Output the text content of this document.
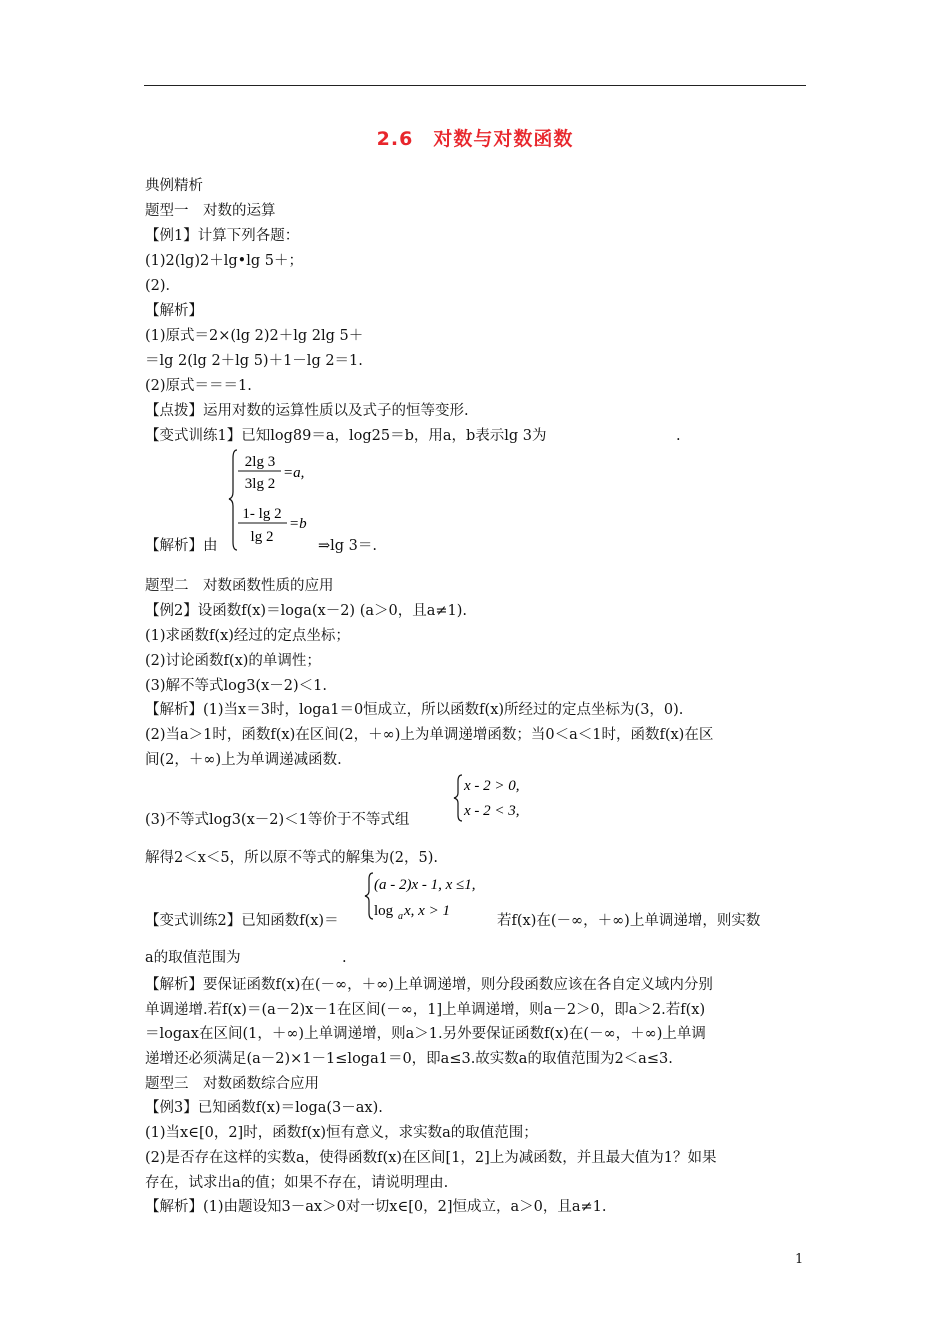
2.6　对数与对数函数
典例精析
题型一　对数的运算
【例1】计算下列各题：
(1)2(lg)2＋lg•lg 5＋；
(2)．
【解析】
(1)原式＝2×(lg 2)2＋lg 2lg 5＋
＝lg 2(lg 2＋lg 5)＋1－lg 2＝1.
(2)原式＝＝＝1.
【点拨】运用对数的运算性质以及式子的恒等变形.
【变式训练1】已知log89＝a，log25＝b，用a，b表示lg 3为	.
2lg 3
3lg 2
=a,
1- lg 2
lg 2
=b
【解析】由	⇒lg 3＝.
题型二　对数函数性质的应用
【例2】设函数f(x)＝loga(x－2) (a＞0，且a≠1).
(1)求函数f(x)经过的定点坐标；
(2)讨论函数f(x)的单调性；
(3)解不等式log3(x－2)＜1.
【解析】(1)当x＝3时，loga1＝0恒成立，所以函数f(x)所经过的定点坐标为(3，0).
(2)当a＞1时，函数f(x)在区间(2，＋∞)上为单调递增函数；当0＜a＜1时，函数f(x)在区
间(2，＋∞)上为单调递减函数.
x - 2 > 0,
x - 2 < 3,
(3)不等式log3(x－2)＜1等价于不等式组
解得2＜x＜5，所以原不等式的解集为(2，5).
(a - 2)x - 1, x ≤1,
log a x, x > 1
【变式训练2】已知函数f(x)＝	若f(x)在(－∞，＋∞)上单调递增，则实数
a的取值范围为	.
【解析】要保证函数f(x)在(－∞，＋∞)上单调递增，则分段函数应该在各自定义域内分别
单调递增.若f(x)＝(a－2)x－1在区间(－∞，1]上单调递增，则a－2＞0，即a＞2.若f(x)
＝logax在区间(1，＋∞)上单调递增，则a＞1.另外要保证函数f(x)在(－∞，＋∞)上单调
递增还必须满足(a－2)×1－1≤loga1＝0，即a≤3.故实数a的取值范围为2＜a≤3.
题型三　对数函数综合应用
【例3】已知函数f(x)＝loga(3－ax).
(1)当x∈[0，2]时，函数f(x)恒有意义，求实数a的取值范围；
(2)是否存在这样的实数a，使得函数f(x)在区间[1，2]上为减函数，并且最大值为1？如果
存在，试求出a的值；如果不存在，请说明理由.
【解析】(1)由题设知3－ax＞0对一切x∈[0，2]恒成立，a＞0，且a≠1.
1
